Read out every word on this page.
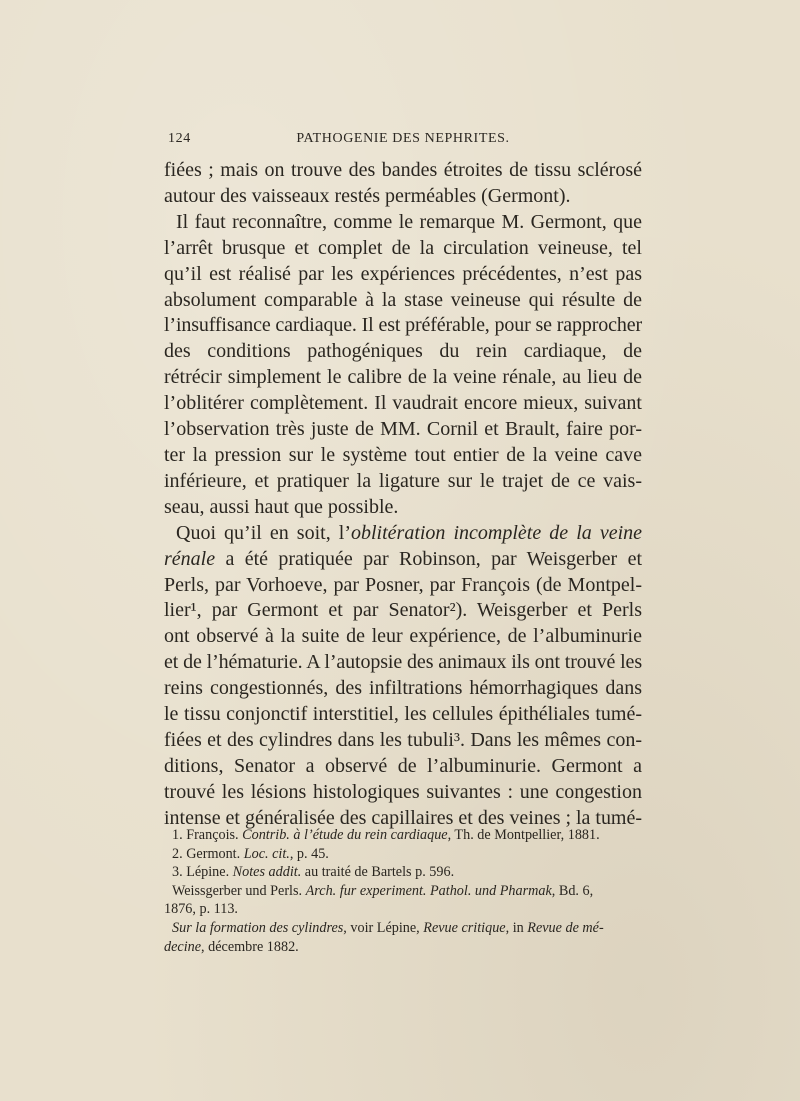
124	PATHOGENIE DES NEPHRITES.

fiées ; mais on trouve des bandes étroites de tissu sclérosé
autour des vaisseaux restés perméables (Germont).

Il faut reconnaître, comme le remarque M. Germont, que
l’arrêt brusque et complet de la circulation veineuse, tel
qu’il est réalisé par les expériences précédentes, n’est pas
absolument comparable à la stase veineuse qui résulte de
l’insuffisance cardiaque. Il est préférable, pour se rapprocher
des conditions pathogéniques du rein cardiaque, de
rétrécir simplement le calibre de la veine rénale, au lieu de
l’oblitérer complètement. Il vaudrait encore mieux, suivant
l’observation très juste de MM. Cornil et Brault, faire por-
ter la pression sur le système tout entier de la veine cave
inférieure, et pratiquer la ligature sur le trajet de ce vais-
seau, aussi haut que possible.

Quoi qu’il en soit, l’oblitération incomplète de la veine
rénale a été pratiquée par Robinson, par Weisgerber et
Perls, par Vorhoeve, par Posner, par François (de Montpel-
lier¹, par Germont et par Senator²). Weisgerber et Perls
ont observé à la suite de leur expérience, de l’albuminurie
et de l’hématurie. A l’autopsie des animaux ils ont trouvé les
reins congestionnés, des infiltrations hémorrhagiques dans
le tissu conjonctif interstitiel, les cellules épithéliales tumé-
fiées et des cylindres dans les tubuli³. Dans les mêmes con-
ditions, Senator a observé de l’albuminurie. Germont a
trouvé les lésions histologiques suivantes : une congestion
intense et généralisée des capillaires et des veines ; la tumé-

1. François. Contrib. à l’étude du rein cardiaque, Th. de Montpellier, 1881.
2. Germont. Loc. cit., p. 45.
3. Lépine. Notes addit. au traité de Bartels p. 596.
Weissgerber und Perls. Arch. fur experiment. Pathol. und Pharmak, Bd. 6,
1876, p. 113.
Sur la formation des cylindres, voir Lépine, Revue critique, in Revue de mé-
decine, décembre 1882.
